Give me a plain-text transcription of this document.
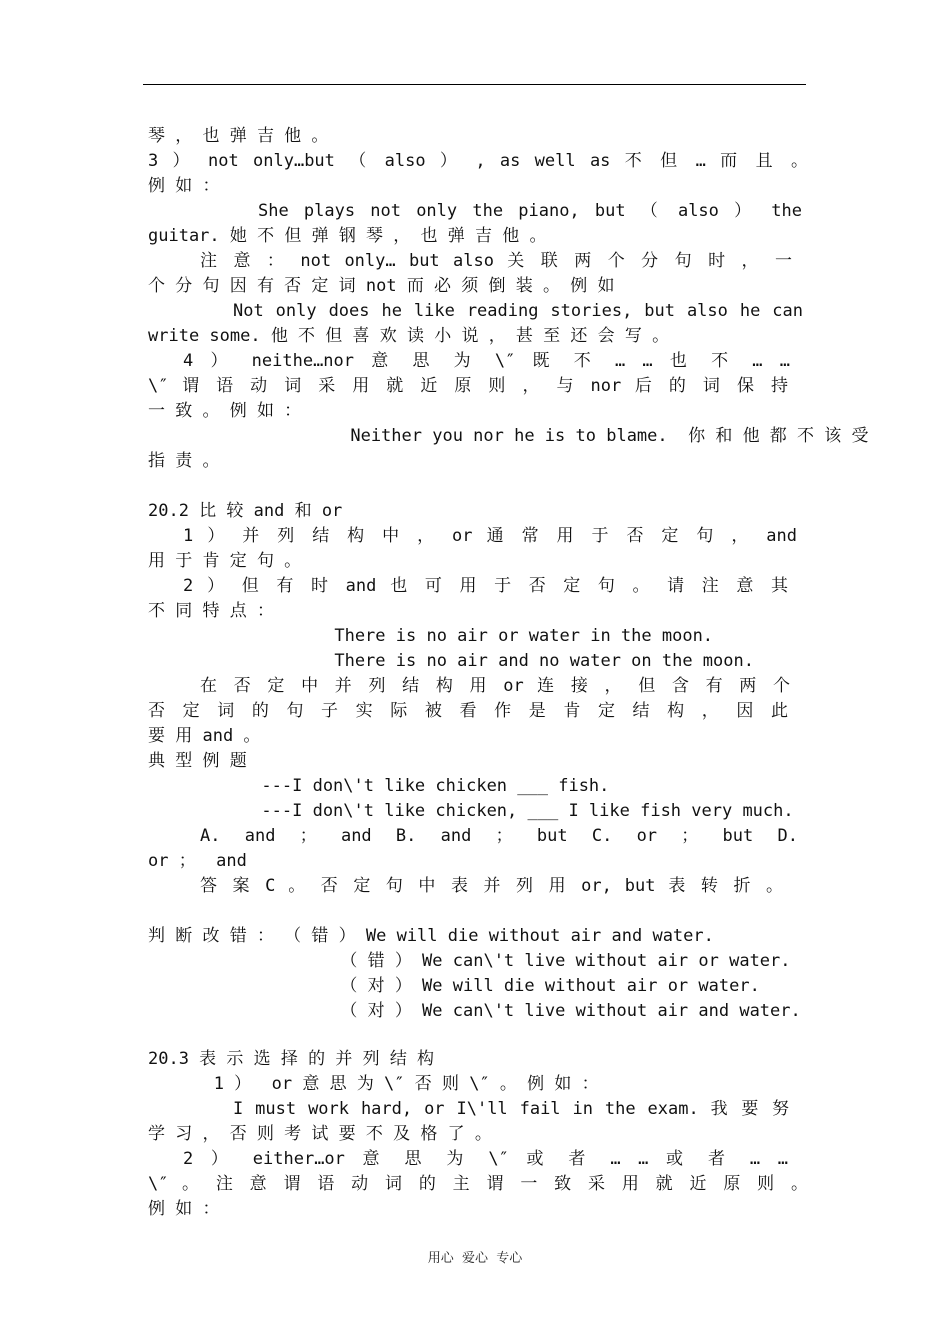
琴 ， 也 弹 吉 他 。
3 ） not only…but （ also ） , as well as 不 但 … 而 且 。
例 如 ：
She plays not only the piano, but （ also ） the
guitar. 她 不 但 弹 钢 琴 ， 也 弹 吉 他 。
注 意 ： not only… but also 关 联 两 个 分 句 时 ， 一
个 分 句 因 有 否 定 词 not 而 必 须 倒 装 。 例 如
Not only does he like reading stories, but also he can
write some. 他 不 但 喜 欢 读 小 说 ， 甚 至 还 会 写 。
4 ） neithe…nor 意 思 为 \″ 既 不 … … 也 不 … …
\″ 谓 语 动 词 采 用 就 近 原 则 ， 与 nor 后 的 词 保 持
一 致 。 例 如 ：
Neither you nor he is to blame.  你 和 他 都 不 该 受
指 责 。
20.2 比 较 and 和 or
1 ） 并 列 结 构 中 ， or 通 常 用 于 否 定 句 ， and
用 于 肯 定 句 。
2 ） 但 有 时 and 也 可 用 于 否 定 句 。 请 注 意 其
不 同 特 点 ：
There is no air or water in the moon.
There is no air and no water on the moon.
在 否 定 中 并 列 结 构 用 or 连 接 ， 但 含 有 两 个
否 定 词 的 句 子 实 际 被 看 作 是 肯 定 结 构 ， 因 此
要 用 and 。
典 型 例 题
---I don\'t like chicken ___ fish.
---I don\'t like chicken, ___ I like fish very much.
A. and ； and B. and ； but C. or ； but D.
or ；  and
答 案 C 。 否 定 句 中 表 并 列 用 or, but 表 转 折 。
判 断 改 错 ： （ 错 ） We will die without air and water.
（ 错 ） We can\'t live without air or water.
（ 对 ） We will die without air or water.
（ 对 ） We can\'t live without air and water.
20.3 表 示 选 择 的 并 列 结 构
1 ）  or 意 思 为 \″ 否 则 \″ 。 例 如 ：
I must work hard, or I\'ll fail in the exam. 我 要 努
学 习 ， 否 则 考 试 要 不 及 格 了 。
2 ） either…or 意 思 为 \″ 或 者 … … 或 者 … …
\″ 。 注 意 谓 语 动 词 的 主 谓 一 致 采 用 就 近 原 则 。
例 如 ：
用心  爱心  专心
